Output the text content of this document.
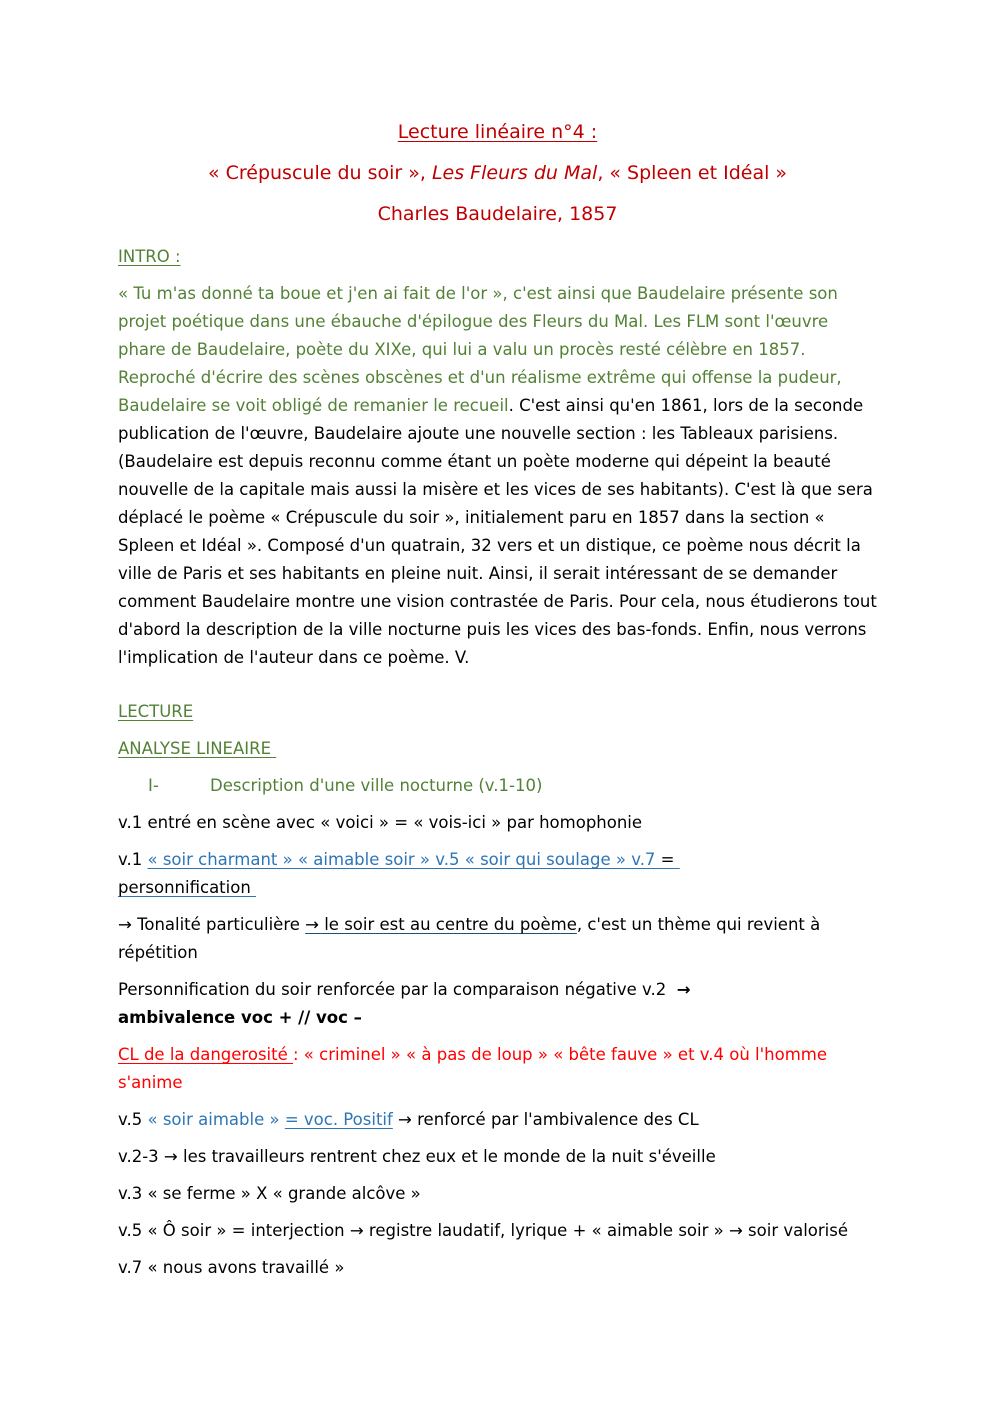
Lecture linéaire n°4 :
« Crépuscule du soir », Les Fleurs du Mal, « Spleen et Idéal »
Charles Baudelaire, 1857
INTRO :
« Tu m'as donné ta boue et j'en ai fait de l'or », c'est ainsi que Baudelaire présente son projet poétique dans une ébauche d'épilogue des Fleurs du Mal. Les FLM sont l'œuvre phare de Baudelaire, poète du XIXe, qui lui a valu un procès resté célèbre en 1857. Reproché d'écrire des scènes obscènes et d'un réalisme extrême qui offense la pudeur, Baudelaire se voit obligé de remanier le recueil. C'est ainsi qu'en 1861, lors de la seconde publication de l'œuvre, Baudelaire ajoute une nouvelle section : les Tableaux parisiens. (Baudelaire est depuis reconnu comme étant un poète moderne qui dépeint la beauté nouvelle de la capitale mais aussi la misère et les vices de ses habitants). C'est là que sera déplacé le poème « Crépuscule du soir », initialement paru en 1857 dans la section « Spleen et Idéal ». Composé d'un quatrain, 32 vers et un distique, ce poème nous décrit la ville de Paris et ses habitants en pleine nuit. Ainsi, il serait intéressant de se demander comment Baudelaire montre une vision contrastée de Paris. Pour cela, nous étudierons tout d'abord la description de la ville nocturne puis les vices des bas-fonds. Enfin, nous verrons l'implication de l'auteur dans ce poème. V.
LECTURE
ANALYSE LINEAIRE
I-	Description d'une ville nocturne (v.1-10)
v.1 entré en scène avec « voici » = « vois-ici » par homophonie
v.1 « soir charmant » « aimable soir » v.5 « soir qui soulage » v.7 =
personnification
→ Tonalité particulière → le soir est au centre du poème, c'est un thème qui revient à répétition
Personnification du soir renforcée par la comparaison négative v.2  →
ambivalence voc + // voc –
CL de la dangerosité : « criminel » « à pas de loup » « bête fauve » et v.4 où l'homme s'anime
v.5 « soir aimable » = voc. Positif → renforcé par l'ambivalence des CL
v.2-3 → les travailleurs rentrent chez eux et le monde de la nuit s'éveille
v.3 « se ferme » X « grande alcôve »
v.5 « Ô soir » = interjection → registre laudatif, lyrique + « aimable soir » → soir valorisé
v.7 « nous avons travaillé »
